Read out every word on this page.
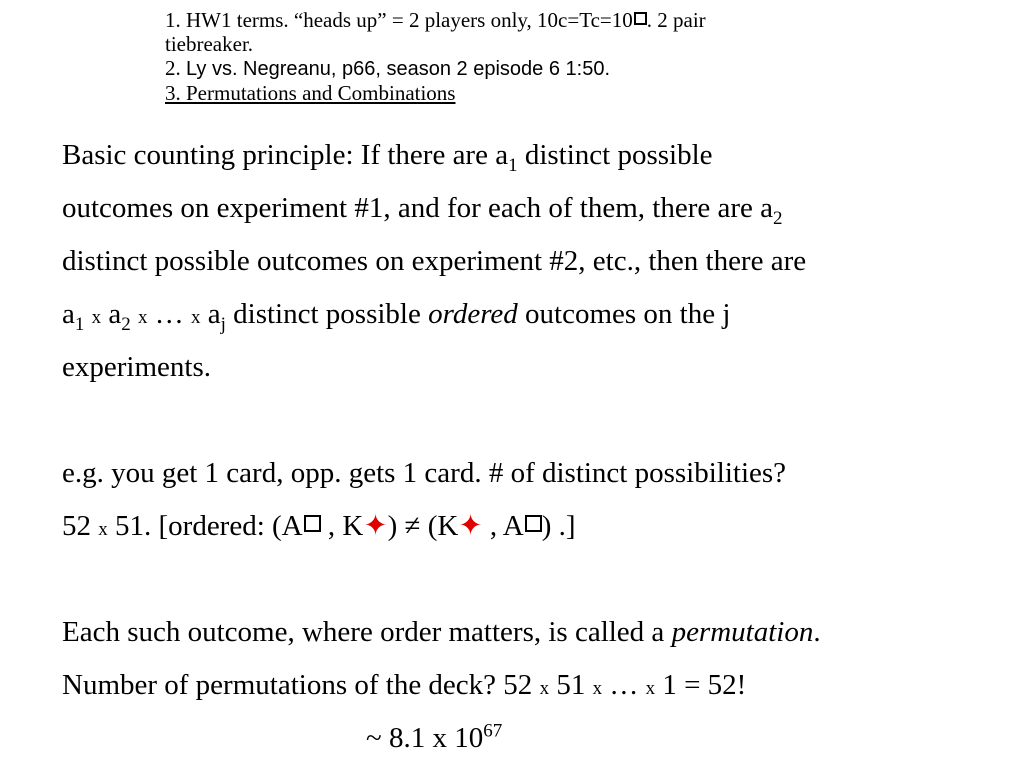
1. HW1 terms. “heads up” = 2 players only, 10c=Tc=10 . 2 pair
tiebreaker.
2. Ly vs. Negreanu, p66, season 2 episode 6 1:50.
3. Permutations and Combinations
Basic counting principle: If there are $a_1$ distinct possible
outcomes on experiment #1, and for each of them, there are $a_2$
distinct possible outcomes on experiment #2, etc., then there are
$a_1$ x $a_2$ x … x $a_j$ distinct possible ordered outcomes on the j
experiments.
e.g. you get 1 card, opp. gets 1 card. # of distinct possibilities?
52 x 51. [ordered: (A , K✦) ≠ (K✦ , A ) .]
Each such outcome, where order matters, is called a permutation.
Number of permutations of the deck? 52 x 51 x … x 1 = 52!
~ 8.1 x $10^{67}$
